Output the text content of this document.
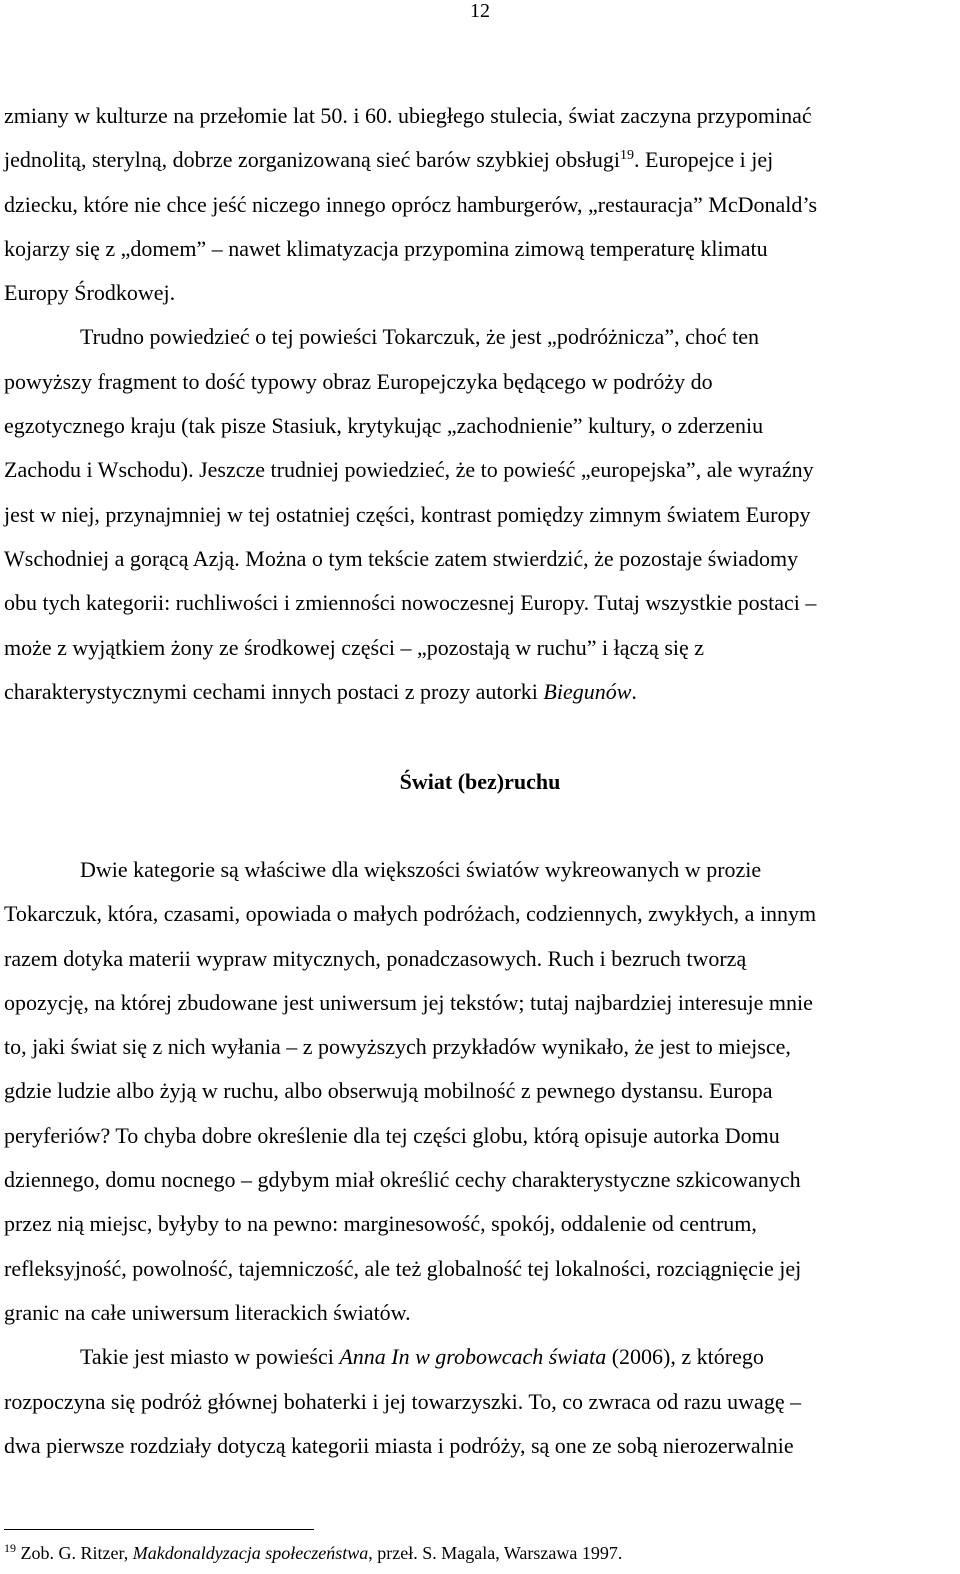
12
zmiany w kulturze na przełomie lat 50. i 60. ubiegłego stulecia, świat zaczyna przypominać
jednolitą, sterylną, dobrze zorganizowaną sieć barów szybkiej obsługi$^{19}$. Europejce i jej
dziecku, które nie chce jeść niczego innego oprócz hamburgerów, „restauracja” McDonald’s
kojarzy się z „domem” – nawet klimatyzacja przypomina zimową temperaturę klimatu
Europy Środkowej.
Trudno powiedzieć o tej powieści Tokarczuk, że jest „podróżnicza”, choć ten
powyższy fragment to dość typowy obraz Europejczyka będącego w podróży do
egzotycznego kraju (tak pisze Stasiuk, krytykując „zachodnienie” kultury, o zderzeniu
Zachodu i Wschodu). Jeszcze trudniej powiedzieć, że to powieść „europejska”, ale wyraźny
jest w niej, przynajmniej w tej ostatniej części, kontrast pomiędzy zimnym światem Europy
Wschodniej a gorącą Azją. Można o tym tekście zatem stwierdzić, że pozostaje świadomy
obu tych kategorii: ruchliwości i zmienności nowoczesnej Europy. Tutaj wszystkie postaci –
może z wyjątkiem żony ze środkowej części – „pozostają w ruchu” i łączą się z
charakterystycznymi cechami innych postaci z prozy autorki Biegunów.
Świat (bez)ruchu
Dwie kategorie są właściwe dla większości światów wykreowanych w prozie
Tokarczuk, która, czasami, opowiada o małych podróżach, codziennych, zwykłych, a innym
razem dotyka materii wypraw mitycznych, ponadczasowych. Ruch i bezruch tworzą
opozycję, na której zbudowane jest uniwersum jej tekstów; tutaj najbardziej interesuje mnie
to, jaki świat się z nich wyłania – z powyższych przykładów wynikało, że jest to miejsce,
gdzie ludzie albo żyją w ruchu, albo obserwują mobilność z pewnego dystansu. Europa
peryferiów? To chyba dobre określenie dla tej części globu, którą opisuje autorka Domu
dziennego, domu nocnego – gdybym miał określić cechy charakterystyczne szkicowanych
przez nią miejsc, byłyby to na pewno: marginesowość, spokój, oddalenie od centrum,
refleksyjność, powolność, tajemniczość, ale też globalność tej lokalności, rozciągnięcie jej
granic na całe uniwersum literackich światów.
Takie jest miasto w powieści Anna In w grobowcach świata (2006), z którego
rozpoczyna się podróż głównej bohaterki i jej towarzyszki. To, co zwraca od razu uwagę –
dwa pierwsze rozdziały dotyczą kategorii miasta i podróży, są one ze sobą nierozerwalnie
$^{19}$ Zob. G. Ritzer, Makdonaldyzacja społeczeństwa, przeł. S. Magala, Warszawa 1997.
